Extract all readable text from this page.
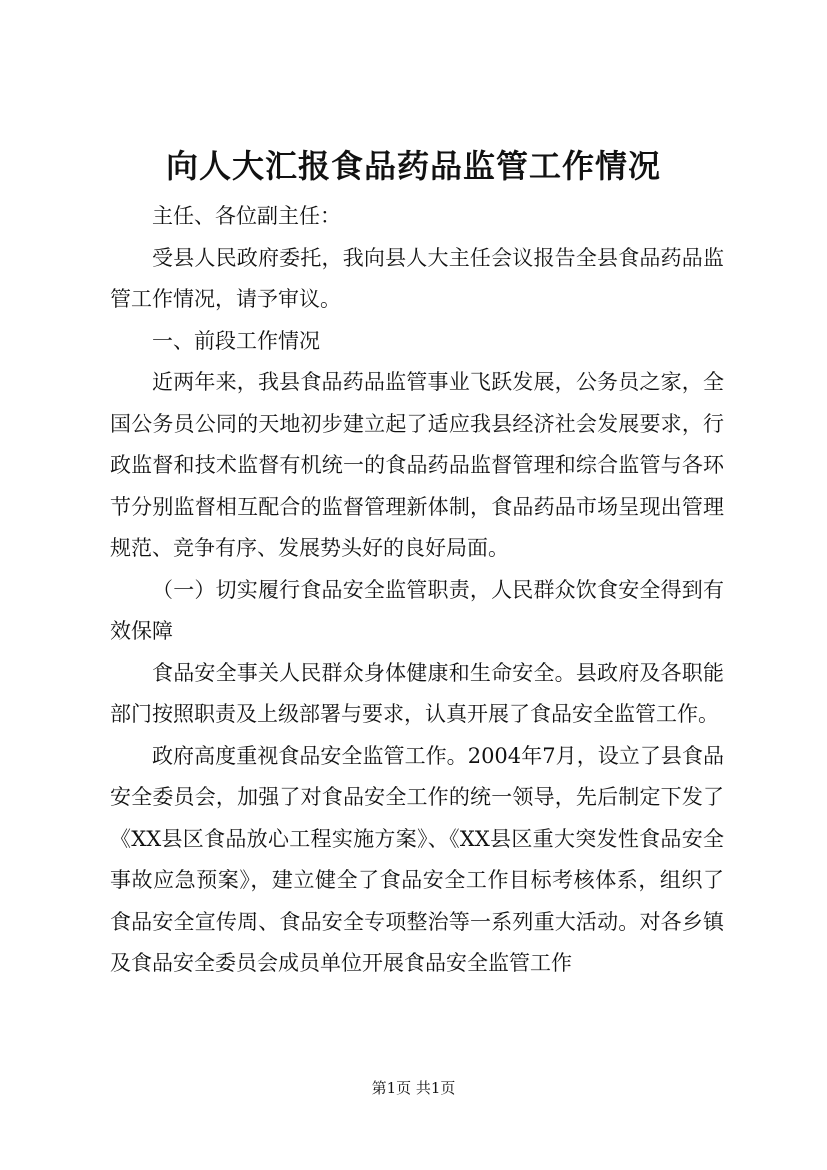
向人大汇报食品药品监管工作情况

主任、各位副主任：

受县人民政府委托，我向县人大主任会议报告全县食品药品监管工作情况，请予审议。

一、前段工作情况

近两年来，我县食品药品监管事业飞跃发展，公务员之家，全国公务员公同的天地初步建立起了适应我县经济社会发展要求，行政监督和技术监督有机统一的食品药品监督管理和综合监管与各环节分别监督相互配合的监督管理新体制，食品药品市场呈现出管理规范、竞争有序、发展势头好的良好局面。

（一）切实履行食品安全监管职责，人民群众饮食安全得到有效保障

食品安全事关人民群众身体健康和生命安全。县政府及各职能部门按照职责及上级部署与要求，认真开展了食品安全监管工作。

政府高度重视食品安全监管工作。2004年7月，设立了县食品安全委员会，加强了对食品安全工作的统一领导，先后制定下发了《XX县区食品放心工程实施方案》、《XX县区重大突发性食品安全事故应急预案》，建立健全了食品安全工作目标考核体系，组织了食品安全宣传周、食品安全专项整治等一系列重大活动。对各乡镇及食品安全委员会成员单位开展食品安全监管工作

第1页 共1页
